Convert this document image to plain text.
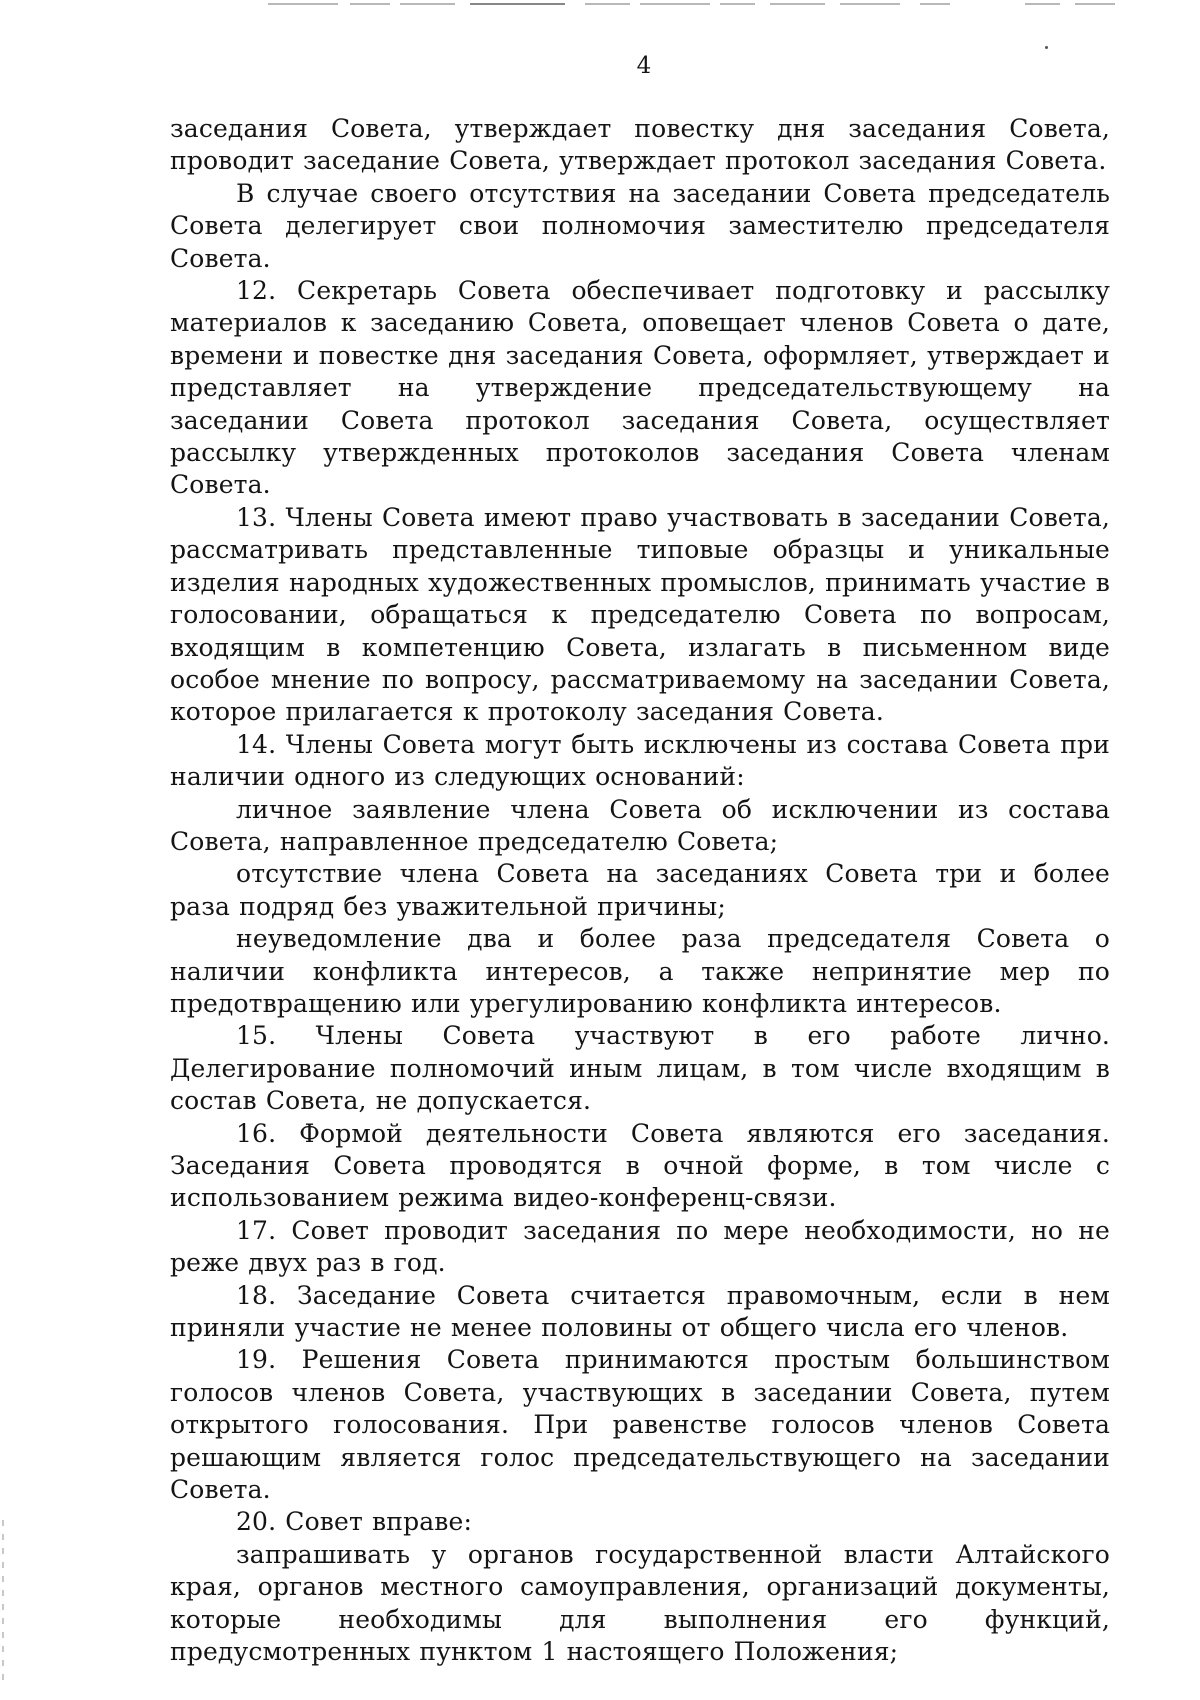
4

заседания Совета, утверждает повестку дня заседания Совета, проводит заседание Совета, утверждает протокол заседания Совета.

В случае своего отсутствия на заседании Совета председатель Совета делегирует свои полномочия заместителю председателя Совета.

12. Секретарь Совета обеспечивает подготовку и рассылку материалов к заседанию Совета, оповещает членов Совета о дате, времени и повестке дня заседания Совета, оформляет, утверждает и представляет на утверждение председательствующему на заседании Совета протокол заседания Совета, осуществляет рассылку утвержденных протоколов заседания Совета членам Совета.

13. Члены Совета имеют право участвовать в заседании Совета, рассматривать представленные типовые образцы и уникальные изделия народных художественных промыслов, принимать участие в голосовании, обращаться к председателю Совета по вопросам, входящим в компетенцию Совета, излагать в письменном виде особое мнение по вопросу, рассматриваемому на заседании Совета, которое прилагается к протоколу заседания Совета.

14. Члены Совета могут быть исключены из состава Совета при наличии одного из следующих оснований:

личное заявление члена Совета об исключении из состава Совета, направленное председателю Совета;

отсутствие члена Совета на заседаниях Совета три и более раза подряд без уважительной причины;

неуведомление два и более раза председателя Совета о наличии конфликта интересов, а также непринятие мер по предотвращению или урегулированию конфликта интересов.

15. Члены Совета участвуют в его работе лично. Делегирование полномочий иным лицам, в том числе входящим в состав Совета, не допускается.

16. Формой деятельности Совета являются его заседания. Заседания Совета проводятся в очной форме, в том числе с использованием режима видео-конференц-связи.

17. Совет проводит заседания по мере необходимости, но не реже двух раз в год.

18. Заседание Совета считается правомочным, если в нем приняли участие не менее половины от общего числа его членов.

19. Решения Совета принимаются простым большинством голосов членов Совета, участвующих в заседании Совета, путем открытого голосования. При равенстве голосов членов Совета решающим является голос председательствующего на заседании Совета.

20. Совет вправе:

запрашивать у органов государственной власти Алтайского края, органов местного самоуправления, организаций документы, которые необходимы для выполнения его функций, предусмотренных пунктом 1 настоящего Положения;
